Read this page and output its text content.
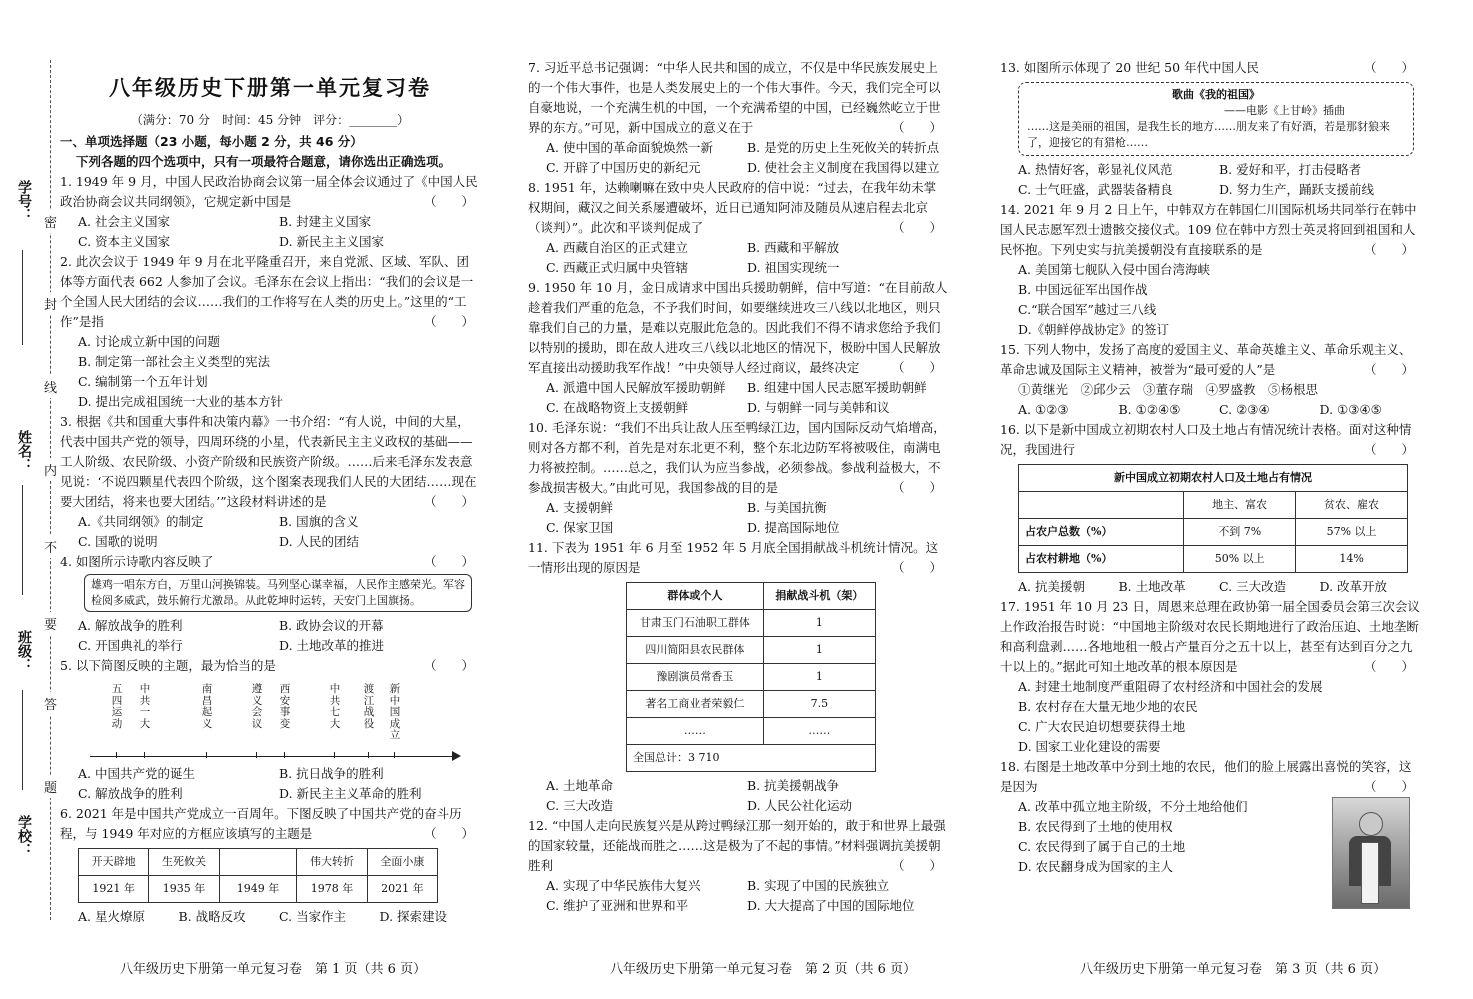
学号：
姓名：
班级：
学校：
密
封
线
内
不
要
答
题
八年级历史下册第一单元复习卷
（满分：70 分　时间：45 分钟　评分：________）
一、单项选择题（23 小题，每小题 2 分，共 46 分）
下列各题的四个选项中，只有一项最符合题意，请你选出正确选项。
1. 1949 年 9 月，中国人民政治协商会议第一届全体会议通过了《中国人民政治协商会议共同纲领》，它规定新中国是	（　　）
A. 社会主义国家	B. 封建主义国家
C. 资本主义国家	D. 新民主主义国家
2. 此次会议于 1949 年 9 月在北平隆重召开，来自党派、区域、军队、团体等方面代表 662 人参加了会议。毛泽东在会议上指出：“我们的会议是一个全国人民大团结的会议……我们的工作将写在人类的历史上。”这里的“工作”是指	（　　）
A. 讨论成立新中国的问题
B. 制定第一部社会主义类型的宪法
C. 编制第一个五年计划
D. 提出完成祖国统一大业的基本方针
3. 根据《共和国重大事件和决策内幕》一书介绍：“有人说，中间的大星，代表中国共产党的领导，四周环绕的小星，代表新民主主义政权的基础——工人阶级、农民阶级、小资产阶级和民族资产阶级。……后来毛泽东发表意见说：‘不说四颗星代表四个阶级，这个图案表现我们人民的大团结……现在要大团结，将来也要大团结。’”这段材料讲述的是	（　　）
A.《共同纲领》的制定	B. 国旗的含义
C. 国歌的说明	D. 人民的团结
4. 如图所示诗歌内容反映了	（　　）
雄鸡一唱东方白，万里山河换锦装。马列坚心谋幸福，人民作主感荣光。军容检阅多威武，鼓乐俯行尤激昂。从此乾坤时运转，天安门上国旗扬。
A. 解放战争的胜利	B. 政协会议的开幕
C. 开国典礼的举行	D. 土地改革的推进
5. 以下简图反映的主题，最为恰当的是	（　　）
五四运动
中共一大
南昌起义
遵义会议
西安事变
中共七大
渡江战役
新中国成立
A. 中国共产党的诞生	B. 抗日战争的胜利
C. 解放战争的胜利	D. 新民主主义革命的胜利
6. 2021 年是中国共产党成立一百周年。下图反映了中国共产党的奋斗历程，与 1949 年对应的方框应该填写的主题是	（　　）
开天辟地	生死攸关		伟大转折	全面小康
1921 年	1935 年	1949 年	1978 年	2021 年
A. 星火燎原	B. 战略反攻	C. 当家作主	D. 探索建设
7. 习近平总书记强调：“中华人民共和国的成立，不仅是中华民族发展史上的一个伟大事件，也是人类发展史上的一个伟大事件。今天，我们完全可以自豪地说，一个充满生机的中国，一个充满希望的中国，已经巍然屹立于世界的东方。”可见，新中国成立的意义在于	（　　）
A. 使中国的革命面貌焕然一新	B. 是党的历史上生死攸关的转折点
C. 开辟了中国历史的新纪元	D. 使社会主义制度在我国得以建立
8. 1951 年，达赖喇嘛在致中央人民政府的信中说：“过去，在我年幼未掌权期间，藏汉之间关系屡遭破坏，近日已通知阿沛及随员从速启程去北京（谈判）”。此次和平谈判促成了	（　　）
A. 西藏自治区的正式建立	B. 西藏和平解放
C. 西藏正式归属中央管辖	D. 祖国实现统一
9. 1950 年 10 月，金日成请求中国出兵援助朝鲜，信中写道：“在目前敌人趁着我们严重的危急，不予我们时间，如要继续进攻三八线以北地区，则只靠我们自己的力量，是难以克服此危急的。因此我们不得不请求您给予我们以特别的援助，即在敌人进攻三八线以北地区的情况下，极盼中国人民解放军直接出动援助我军作战！”中央领导人经过商议，最终决定	（　　）
A. 派遣中国人民解放军援助朝鲜	B. 组建中国人民志愿军援助朝鲜
C. 在战略物资上支援朝鲜	D. 与朝鲜一同与美韩和议
10. 毛泽东说：“我们不出兵让敌人压至鸭绿江边，国内国际反动气焰增高，则对各方都不利，首先是对东北更不利，整个东北边防军将被吸住，南满电力将被控制。……总之，我们认为应当参战，必须参战。参战利益极大，不参战损害极大。”由此可见，我国参战的目的是	（　　）
A. 支援朝鲜	B. 与美国抗衡
C. 保家卫国	D. 提高国际地位
11. 下表为 1951 年 6 月至 1952 年 5 月底全国捐献战斗机统计情况。这一情形出现的原因是	（　　）
群体或个人	捐献战斗机（架）
甘肃玉门石油职工群体	1
四川简阳县农民群体	1
豫剧演员常香玉	1
著名工商业者荣毅仁	7.5
……	……
全国总计：3 710	
A. 土地革命	B. 抗美援朝战争
C. 三大改造	D. 人民公社化运动
12. “中国人走向民族复兴是从跨过鸭绿江那一刻开始的，敢于和世界上最强的国家较量，还能战而胜之……这是极为了不起的事情。”材料强调抗美援朝胜利	（　　）
A. 实现了中华民族伟大复兴	B. 实现了中国的民族独立
C. 维护了亚洲和世界和平	D. 大大提高了中国的国际地位
13. 如图所示体现了 20 世纪 50 年代中国人民	（　　）
歌曲《我的祖国》
——电影《上甘岭》插曲
……这是美丽的祖国，是我生长的地方……朋友来了有好酒，若是那豺狼来了，迎接它的有猎枪……
A. 热情好客，彰显礼仪风范	B. 爱好和平，打击侵略者
C. 士气旺盛，武器装备精良	D. 努力生产，踊跃支援前线
14. 2021 年 9 月 2 日上午，中韩双方在韩国仁川国际机场共同举行在韩中国人民志愿军烈士遗骸交接仪式。109 位在韩中方烈士英灵将回到祖国和人民怀抱。下列史实与抗美援朝没有直接联系的是	（　　）
A. 美国第七舰队入侵中国台湾海峡
B. 中国远征军出国作战
C.“联合国军”越过三八线
D.《朝鲜停战协定》的签订
15. 下列人物中，发扬了高度的爱国主义、革命英雄主义、革命乐观主义、革命忠诚及国际主义精神，被誉为“最可爱的人”是	（　　）
①黄继光　②邱少云　③董存瑞　④罗盛教　⑤杨根思
A. ①②③	B. ①②④⑤	C. ②③④	D. ①③④⑤
16. 以下是新中国成立初期农村人口及土地占有情况统计表格。面对这种情况，我国进行	（　　）
新中国成立初期农村人口及土地占有情况		
	地主、富农	贫农、雇农
占农户总数（%）	不到 7%	57% 以上
占农村耕地（%）	50% 以上	14%
A. 抗美援朝	B. 土地改革	C. 三大改造	D. 改革开放
17. 1951 年 10 月 23 日，周恩来总理在政协第一届全国委员会第三次会议上作政治报告时说：“中国地主阶级对农民长期地进行了政治压迫、土地垄断和高利盘剥……各地地租一般占产量百分之五十以上，甚至有达到百分之九十以上的。”据此可知土地改革的根本原因是	（　　）
A. 封建土地制度严重阻碍了农村经济和中国社会的发展
B. 农村存在大量无地少地的农民
C. 广大农民迫切想要获得土地
D. 国家工业化建设的需要
18. 右图是土地改革中分到土地的农民，他们的脸上展露出喜悦的笑容，这是因为	（　　）
A. 改革中孤立地主阶级，不分土地给他们
B. 农民得到了土地的使用权
C. 农民得到了属于自己的土地
D. 农民翻身成为国家的主人
八年级历史下册第一单元复习卷　第 1 页（共 6 页）	八年级历史下册第一单元复习卷　第 2 页（共 6 页）	八年级历史下册第一单元复习卷　第 3 页（共 6 页）
